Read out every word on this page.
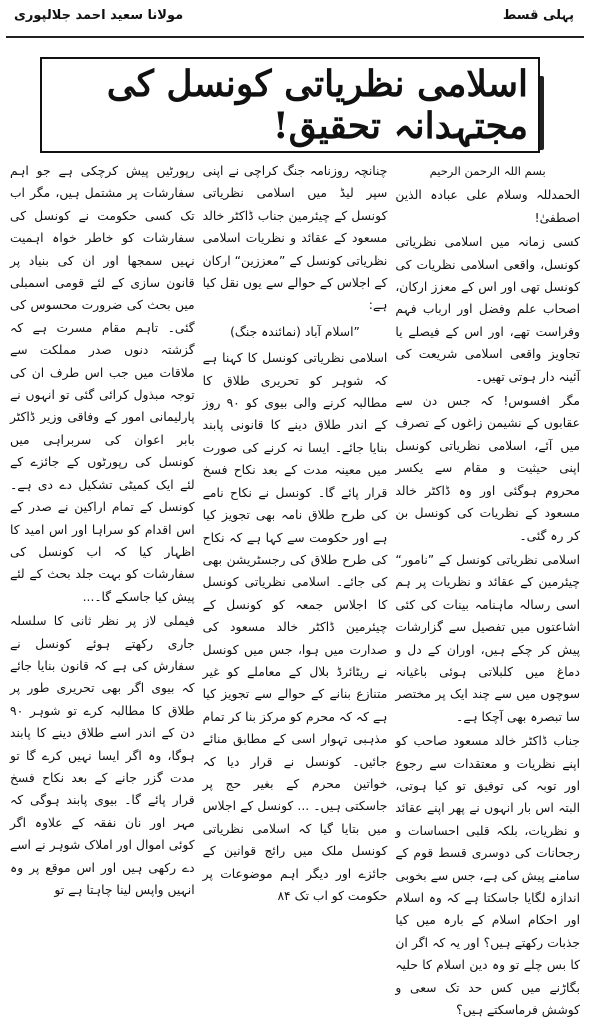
پہلی قسط
مولانا سعید احمد جلالپوری
اسلامی نظریاتی کونسل کی مجتہدانہ تحقیق!

بسم اللہ الرحمن الرحیم

الحمدللہ وسلام علی عبادہ الذین اصطفیٰ!

کسی زمانہ میں اسلامی نظریاتی کونسل، واقعی اسلامی نظریات کی کونسل تھی اور اس کے معزز ارکان، اصحاب علم وفضل اور ارباب فہم وفراست تھے، اور اس کے فیصلے یا تجاویز واقعی اسلامی شریعت کی آئینہ دار ہوتی تھیں۔

مگر افسوس! کہ جس دن سے عقابوں کے نشیمن زاغوں کے تصرف میں آئے، اسلامی نظریاتی کونسل اپنی حیثیت و مقام سے یکسر محروم ہوگئی اور وہ ڈاکٹر خالد مسعود کے نظریات کی کونسل بن کر رہ گئی۔

اسلامی نظریاتی کونسل کے ”نامور“ چیئرمین کے عقائد و نظریات پر ہم اسی رسالہ ماہنامہ بینات کی کئی اشاعتوں میں تفصیل سے گزارشات پیش کر چکے ہیں، اوران کے دل و دماغ میں کلبلاتی ہوئی باغیانہ سوچوں میں سے چند ایک پر مختصر سا تبصرہ بھی آچکا ہے۔

جناب ڈاکٹر خالد مسعود صاحب کو اپنے نظریات و معتقدات سے رجوع اور توبہ کی توفیق تو کیا ہوتی، البتہ اس بار انہوں نے پھر اپنے عقائد و نظریات، بلکہ قلبی احساسات و رجحانات کی دوسری قسط قوم کے سامنے پیش کی ہے، جس سے بخوبی اندازہ لگایا جاسکتا ہے کہ وہ اسلام اور احکام اسلام کے بارہ میں کیا جذبات رکھتے ہیں؟ اور یہ کہ اگر ان کا بس چلے تو وہ دین اسلام کا حلیہ بگاڑنے میں کس حد تک سعی و کوشش فرماسکتے ہیں؟

چنانچہ روزنامہ جنگ کراچی نے اپنی سپر لیڈ میں اسلامی نظریاتی کونسل کے چیئرمین جناب ڈاکٹر خالد مسعود کے عقائد و نظریات اسلامی نظریاتی کونسل کے ”معززین“ ارکان کے اجلاس کے حوالے سے یوں نقل کیا ہے:

”اسلام آباد (نمائندہ جنگ)

اسلامی نظریاتی کونسل کا کہنا ہے کہ شوہر کو تحریری طلاق کا مطالبہ کرنے والی بیوی کو ۹۰ روز کے اندر طلاق دینے کا قانونی پابند بنایا جائے۔ ایسا نہ کرنے کی صورت میں معینہ مدت کے بعد نکاح فسخ قرار پائے گا۔ کونسل نے نکاح نامے کی طرح طلاق نامہ بھی تجویز کیا ہے اور حکومت سے کہا ہے کہ نکاح کی طرح طلاق کی رجسٹریشن بھی کی جائے۔ اسلامی نظریاتی کونسل کا اجلاس جمعہ کو کونسل کے چیئرمین ڈاکٹر خالد مسعود کی صدارت میں ہوا، جس میں کونسل نے ریٹائرڈ بلال کے معاملے کو غیر متنازع بنانے کے حوالے سے تجویز کیا ہے کہ کہ محرم کو مرکز بنا کر تمام مذہبی تہوار اسی کے مطابق منائے جائیں۔ کونسل نے قرار دیا کہ خواتین محرم کے بغیر حج پر جاسکتی ہیں۔ ... کونسل کے اجلاس میں بتایا گیا کہ اسلامی نظریاتی کونسل ملک میں رائج قوانین کے جائزے اور دیگر اہم موضوعات پر حکومت کو اب تک ۸۴

رپورٹیں پیش کرچکی ہے جو اہم سفارشات پر مشتمل ہیں، مگر اب تک کسی حکومت نے کونسل کی سفارشات کو خاطر خواہ اہمیت نہیں سمجھا اور ان کی بنیاد پر قانون سازی کے لئے قومی اسمبلی میں بحث کی ضرورت محسوس کی گئی۔ تاہم مقام مسرت ہے کہ گزشتہ دنوں صدر مملکت سے ملاقات میں جب اس طرف ان کی توجہ مبذول کرائی گئی تو انہوں نے پارلیمانی امور کے وفاقی وزیر ڈاکٹر بابر اعوان کی سربراہی میں کونسل کی رپورٹوں کے جائزے کے لئے ایک کمیٹی تشکیل دے دی ہے۔ کونسل کے تمام اراکین نے صدر کے اس اقدام کو سراہا اور اس امید کا اظہار کیا کہ اب کونسل کی سفارشات کو بہت جلد بحث کے لئے پیش کیا جاسکے گا۔...

فیملی لاز پر نظر ثانی کا سلسلہ جاری رکھتے ہوئے کونسل نے سفارش کی ہے کہ قانون بنایا جائے کہ بیوی اگر بھی تحریری طور پر طلاق کا مطالبہ کرے تو شوہر ۹۰ دن کے اندر اسے طلاق دینے کا پابند ہوگا، وہ اگر ایسا نہیں کرے گا تو مدت گزر جانے کے بعد نکاح فسخ قرار پائے گا۔ بیوی پابند ہوگی کہ مہر اور نان نفقہ کے علاوہ اگر کوئی اموال اور املاک شوہر نے اسے دے رکھی ہیں اور اس موقع پر وہ انہیں واپس لینا چاہتا ہے تو
